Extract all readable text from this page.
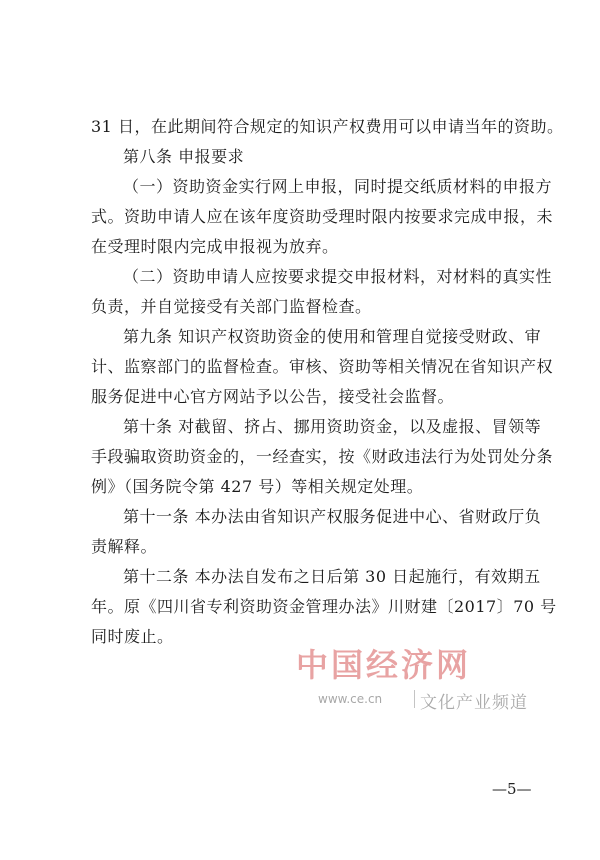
31 日，在此期间符合规定的知识产权费用可以申请当年的资助。

第八条 申报要求

（一）资助资金实行网上申报，同时提交纸质材料的申报方

式。资助申请人应在该年度资助受理时限内按要求完成申报，未

在受理时限内完成申报视为放弃。

（二）资助申请人应按要求提交申报材料，对材料的真实性

负责，并自觉接受有关部门监督检查。

第九条 知识产权资助资金的使用和管理自觉接受财政、审

计、监察部门的监督检查。审核、资助等相关情况在省知识产权

服务促进中心官方网站予以公告，接受社会监督。

第十条 对截留、挤占、挪用资助资金，以及虚报、冒领等

手段骗取资助资金的，一经查实，按《财政违法行为处罚处分条

例》（国务院令第 427 号）等相关规定处理。

第十一条 本办法由省知识产权服务促进中心、省财政厅负

责解释。

第十二条 本办法自发布之日后第 30 日起施行，有效期五

年。原《四川省专利资助资金管理办法》川财建〔2017〕70 号

同时废止。

中国经济网
www.ce.cn 文化产业频道
—5—
